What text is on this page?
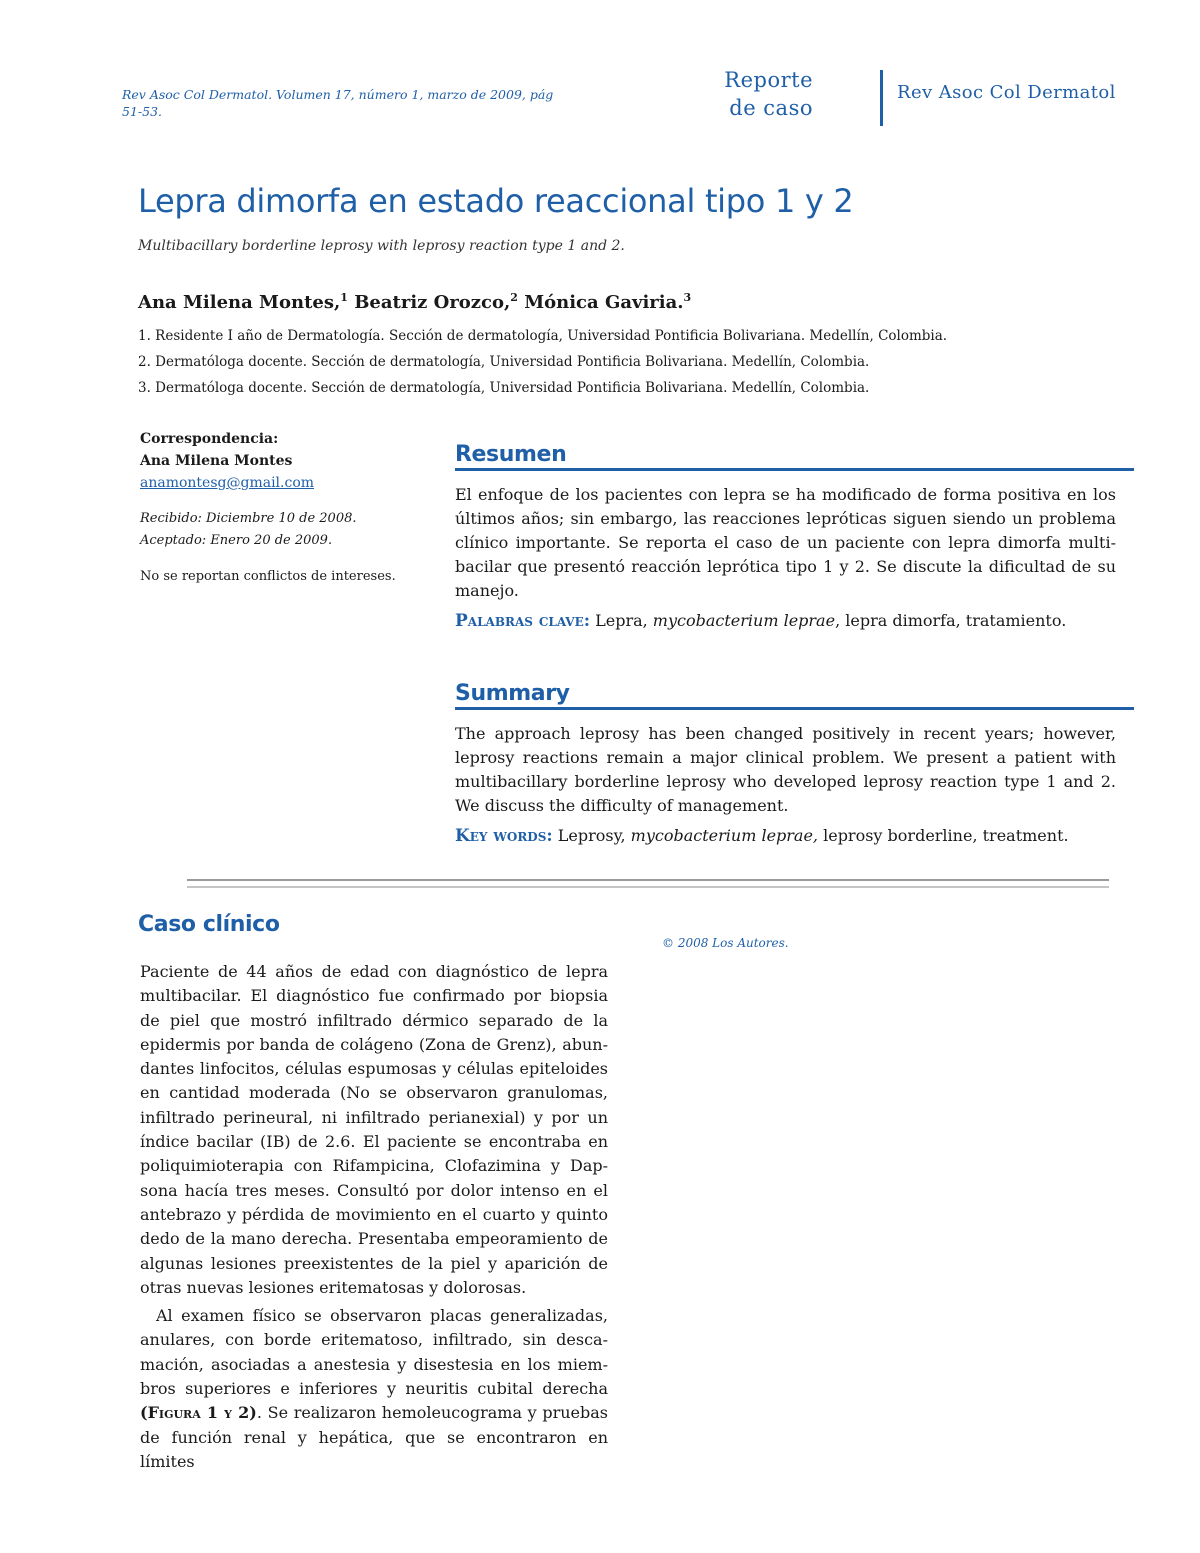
Rev Asoc Col Dermatol. Volumen 17, número 1, marzo de 2009, pág 51-53.
Reporte
de caso
Rev Asoc Col Dermatol
Lepra dimorfa en estado reaccional tipo 1 y 2
Multibacillary borderline leprosy with leprosy reaction type 1 and 2.
Ana Milena Montes,$^1$ Beatriz Orozco,$^2$ Mónica Gaviria.$^3$
1. Residente I año de Dermatología. Sección de dermatología, Universidad Pontificia Bolivariana. Medellín, Colombia.
2. Dermatóloga docente. Sección de dermatología, Universidad Pontificia Bolivariana. Medellín, Colombia.
3. Dermatóloga docente. Sección de dermatología, Universidad Pontificia Bolivariana. Medellín, Colombia.
Correspondencia:
Ana Milena Montes
anamontesg@gmail.com
Recibido: Diciembre 10 de 2008.
Aceptado: Enero 20 de 2009.
No se reportan conflictos de intereses.
Resumen

El enfoque de los pacientes con lepra se ha modificado de forma positiva en los últimos años; sin embargo, las reacciones lepróticas siguen siendo un problema clínico importante. Se reporta el caso de un paciente con lepra dimorfa multi-bacilar que presentó reacción leprótica tipo 1 y 2. Se discute la dificultad de su manejo.

Palabras clave: Lepra, mycobacterium leprae, lepra dimorfa, tratamiento.

Summary

The approach leprosy has been changed positively in recent years; however, leprosy reactions remain a major clinical problem. We present a patient with multibacillary borderline leprosy who developed leprosy reaction type 1 and 2. We discuss the difficulty of management.

Key words: Leprosy, mycobacterium leprae, leprosy borderline, treatment.

Caso clínico
© 2008 Los Autores.

Paciente de 44 años de edad con diagnóstico de lepra multibacilar. El diagnóstico fue confirmado por biopsia de piel que mostró infiltrado dérmico separado de la epidermis por banda de colágeno (Zona de Grenz), abun- dantes linfocitos, células espumosas y células epiteloides en cantidad moderada (No se observaron granulomas, infiltrado perineural, ni infiltrado perianexial) y por un índice bacilar (IB) de 2.6. El paciente se encontraba en poliquimioterapia con Rifampicina, Clofazimina y Dap- sona hacía tres meses. Consultó por dolor intenso en el antebrazo y pérdida de movimiento en el cuarto y quinto dedo de la mano derecha. Presentaba empeoramiento de algunas lesiones preexistentes de la piel y aparición de otras nuevas lesiones eritematosas y dolorosas.

Al examen físico se observaron placas generalizadas, anulares, con borde eritematoso, infiltrado, sin desca- mación, asociadas a anestesia y disestesia en los miem- bros superiores e inferiores y neuritis cubital derecha (Figura 1 y 2). Se realizaron hemoleucograma y pruebas de función renal y hepática, que se encontraron en límites
